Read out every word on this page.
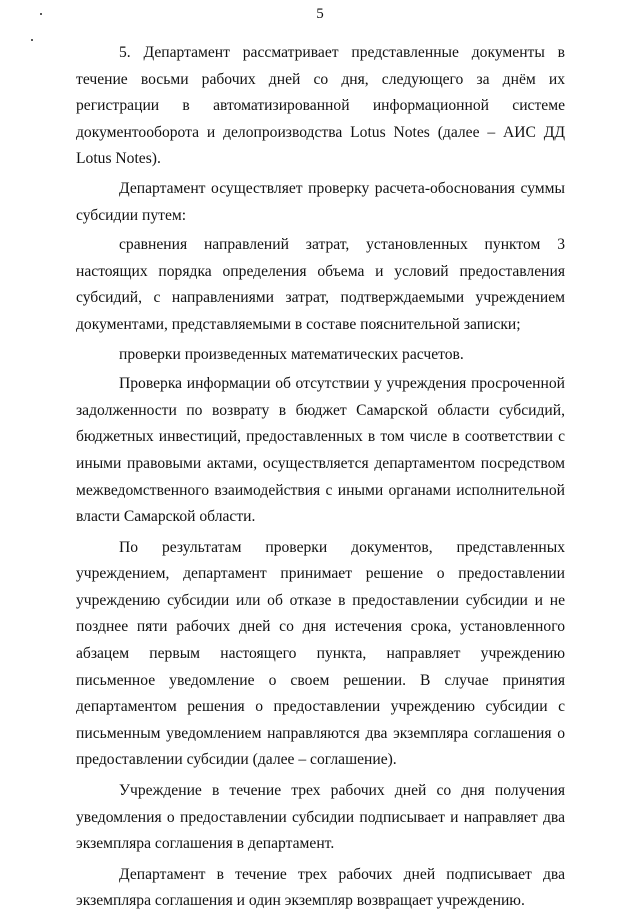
5

5. Департамент рассматривает представленные документы в течение восьми рабочих дней со дня, следующего за днём их регистрации в автоматизированной информационной системе документооборота и делопроизводства Lotus Notes (далее – АИС ДД Lotus Notes).

Департамент осуществляет проверку расчета-обоснования суммы субсидии путем:

сравнения направлений затрат, установленных пунктом 3 настоящих порядка определения объема и условий предоставления субсидий, с направлениями затрат, подтверждаемыми учреждением документами, представляемыми в составе пояснительной записки;

проверки произведенных математических расчетов.

Проверка информации об отсутствии у учреждения просроченной задолженности по возврату в бюджет Самарской области субсидий, бюджетных инвестиций, предоставленных в том числе в соответствии с иными правовыми актами, осуществляется департаментом посредством межведомственного взаимодействия с иными органами исполнительной власти Самарской области.

По результатам проверки документов, представленных учреждением, департамент принимает решение о предоставлении учреждению субсидии или об отказе в предоставлении субсидии и не позднее пяти рабочих дней со дня истечения срока, установленного абзацем первым настоящего пункта, направляет учреждению письменное уведомление о своем решении. В случае принятия департаментом решения о предоставлении учреждению субсидии с письменным уведомлением направляются два экземпляра соглашения о предоставлении субсидии (далее – соглашение).

Учреждение в течение трех рабочих дней со дня получения уведомления о предоставлении субсидии подписывает и направляет два экземпляра соглашения в департамент.

Департамент в течение трех рабочих дней подписывает два экземпляра соглашения и один экземпляр возвращает учреждению.
